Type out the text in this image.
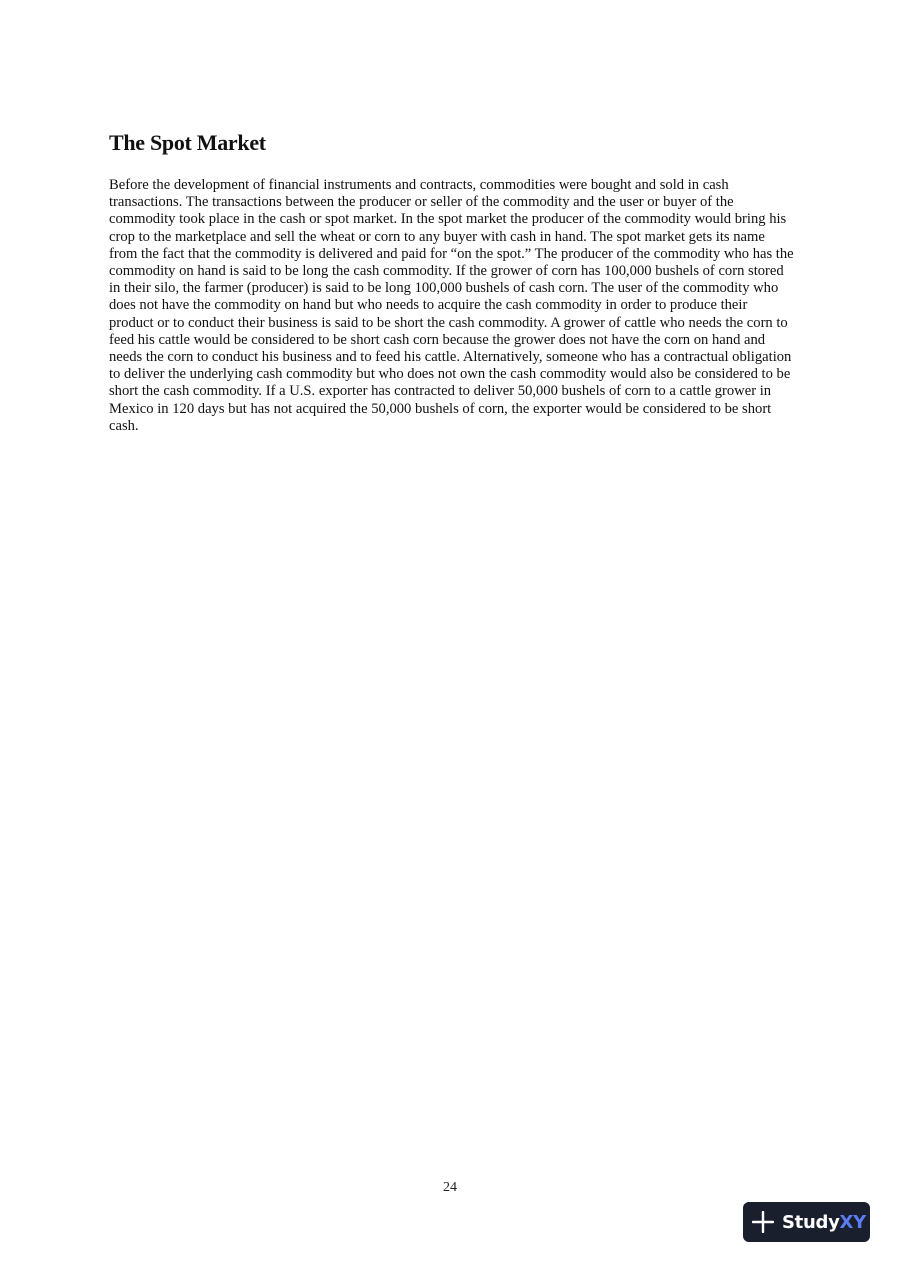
The Spot Market

Before the development of financial instruments and contracts, commodities were bought and sold in cash transactions. The transactions between the producer or seller of the commodity and the user or buyer of the commodity took place in the cash or spot market. In the spot market the producer of the commodity would bring his crop to the marketplace and sell the wheat or corn to any buyer with cash in hand. The spot market gets its name from the fact that the commodity is delivered and paid for “on the spot.” The producer of the commodity who has the commodity on hand is said to be long the cash commodity. If the grower of corn has 100,000 bushels of corn stored in their silo, the farmer (producer) is said to be long 100,000 bushels of cash corn. The user of the commodity who does not have the commodity on hand but who needs to acquire the cash commodity in order to produce their product or to conduct their business is said to be short the cash commodity. A grower of cattle who needs the corn to feed his cattle would be considered to be short cash corn because the grower does not have the corn on hand and needs the corn to conduct his business and to feed his cattle. Alternatively, someone who has a contractual obligation to deliver the underlying cash commodity but who does not own the cash commodity would also be considered to be short the cash commodity. If a U.S. exporter has contracted to deliver 50,000 bushels of corn to a cattle grower in Mexico in 120 days but has not acquired the 50,000 bushels of corn, the exporter would be considered to be short cash.

24
StudyXY
